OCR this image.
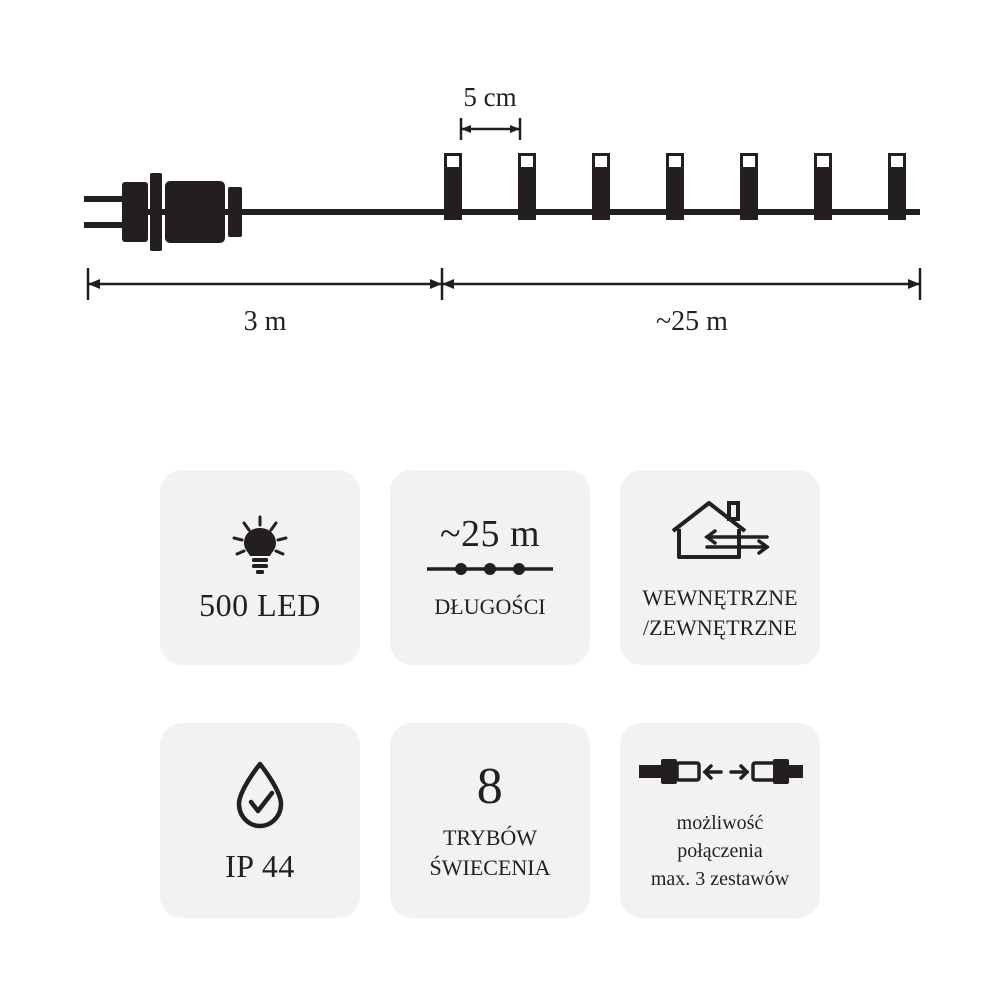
5 cm
3 m	~25 m
500 LED
~25 m
DŁUGOŚCI	WEWNĘTRZNE
/ZEWNĘTRZNE
IP 44
8
TRYBÓW
ŚWIECENIA
możliwość
połączenia
max. 3 zestawów
